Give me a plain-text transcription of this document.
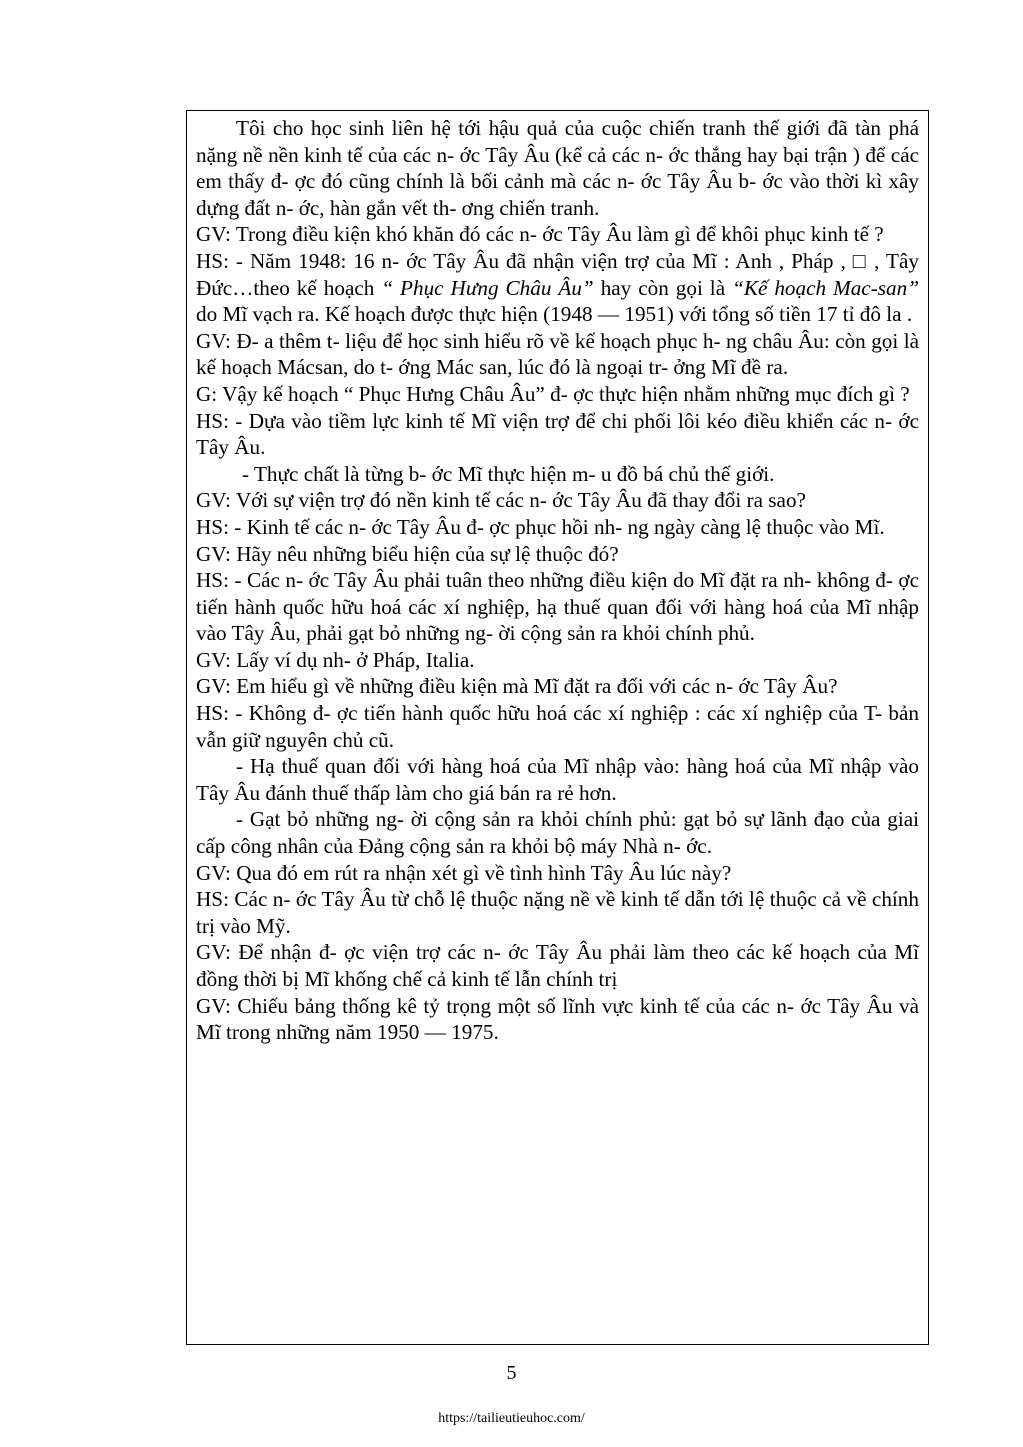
Tôi cho học sinh liên hệ tới hậu quả của cuộc chiến tranh thế giới đã tàn phá nặng nề nền kinh tế của các n- ớc Tây Âu (kể cả các n- ớc thắng hay bại trận ) để các em thấy đ- ợc đó cũng chính là bối cảnh mà các n- ớc Tây Âu b- ớc vào thời kì xây dựng đất n- ớc, hàn gắn vết th- ơng chiến tranh.

GV: Trong điều kiện khó khăn đó các n- ớc Tây Âu làm gì để khôi phục kinh tế ?

HS: - Năm 1948: 16 n- ớc Tây Âu đã nhận viện trợ của Mĩ : Anh , Pháp , □ , Tây Đức…theo kế hoạch “ Phục Hưng Châu Âu” hay còn gọi là “Kế hoạch Mac-san” do Mĩ vạch ra. Kế hoạch được thực hiện (1948 — 1951) với tổng số tiền 17 tỉ đô la .

GV: Đ- a thêm t- liệu để học sinh hiểu rõ về kế hoạch phục h- ng châu Âu: còn gọi là kế hoạch Mácsan, do t- ớng Mác san, lúc đó là ngoại tr- ởng Mĩ đề ra.

G: Vậy kế hoạch “ Phục Hưng Châu Âu” đ- ợc thực hiện nhằm những mục đích gì ?

HS: - Dựa vào tiềm lực kinh tế Mĩ viện trợ để chi phối lôi kéo điều khiển các n- ớc Tây Âu.

- Thực chất là từng b- ớc Mĩ thực hiện m- u đồ bá chủ thế giới.

GV: Với sự viện trợ đó nền kinh tế các n- ớc Tây Âu đã thay đổi ra sao?

HS: - Kinh tế các n- ớc Tây Âu đ- ợc phục hồi nh- ng ngày càng lệ thuộc vào Mĩ.

GV: Hãy nêu những biểu hiện của sự lệ thuộc đó?

HS: - Các n- ớc Tây Âu phải tuân theo những điều kiện do Mĩ đặt ra nh- không đ- ợc tiến hành quốc hữu hoá các xí nghiệp, hạ thuế quan đối với hàng hoá của Mĩ nhập vào Tây Âu, phải gạt bỏ những ng- ời cộng sản ra khỏi chính phủ.

GV: Lấy ví dụ nh- ở Pháp, Italia.

GV: Em hiểu gì về những điều kiện mà Mĩ đặt ra đối với các n- ớc Tây Âu?

HS: - Không đ- ợc tiến hành quốc hữu hoá các xí nghiệp : các xí nghiệp của T- bản vẫn giữ nguyên chủ cũ.

- Hạ thuế quan đối với hàng hoá của Mĩ nhập vào: hàng hoá của Mĩ nhập vào Tây Âu đánh thuế thấp làm cho giá bán ra rẻ hơn.

- Gạt bỏ những ng- ời cộng sản ra khỏi chính phủ: gạt bỏ sự lãnh đạo của giai cấp công nhân của Đảng cộng sản ra khỏi bộ máy Nhà n- ớc.

GV: Qua đó em rút ra nhận xét gì về tình hình Tây Âu lúc này?

HS: Các n- ớc Tây Âu từ chỗ lệ thuộc nặng nề về kinh tế dẫn tới lệ thuộc cả về chính trị vào Mỹ.

GV: Để nhận đ- ợc viện trợ các n- ớc Tây Âu phải làm theo các kế hoạch của Mĩ đồng thời bị Mĩ khống chế cả kinh tế lẫn chính trị

GV: Chiếu bảng thống kê tỷ trọng một số lĩnh vực kinh tế của các n- ớc Tây Âu và Mĩ trong những năm 1950 — 1975.

5
https://tailieutieuhoc.com/
